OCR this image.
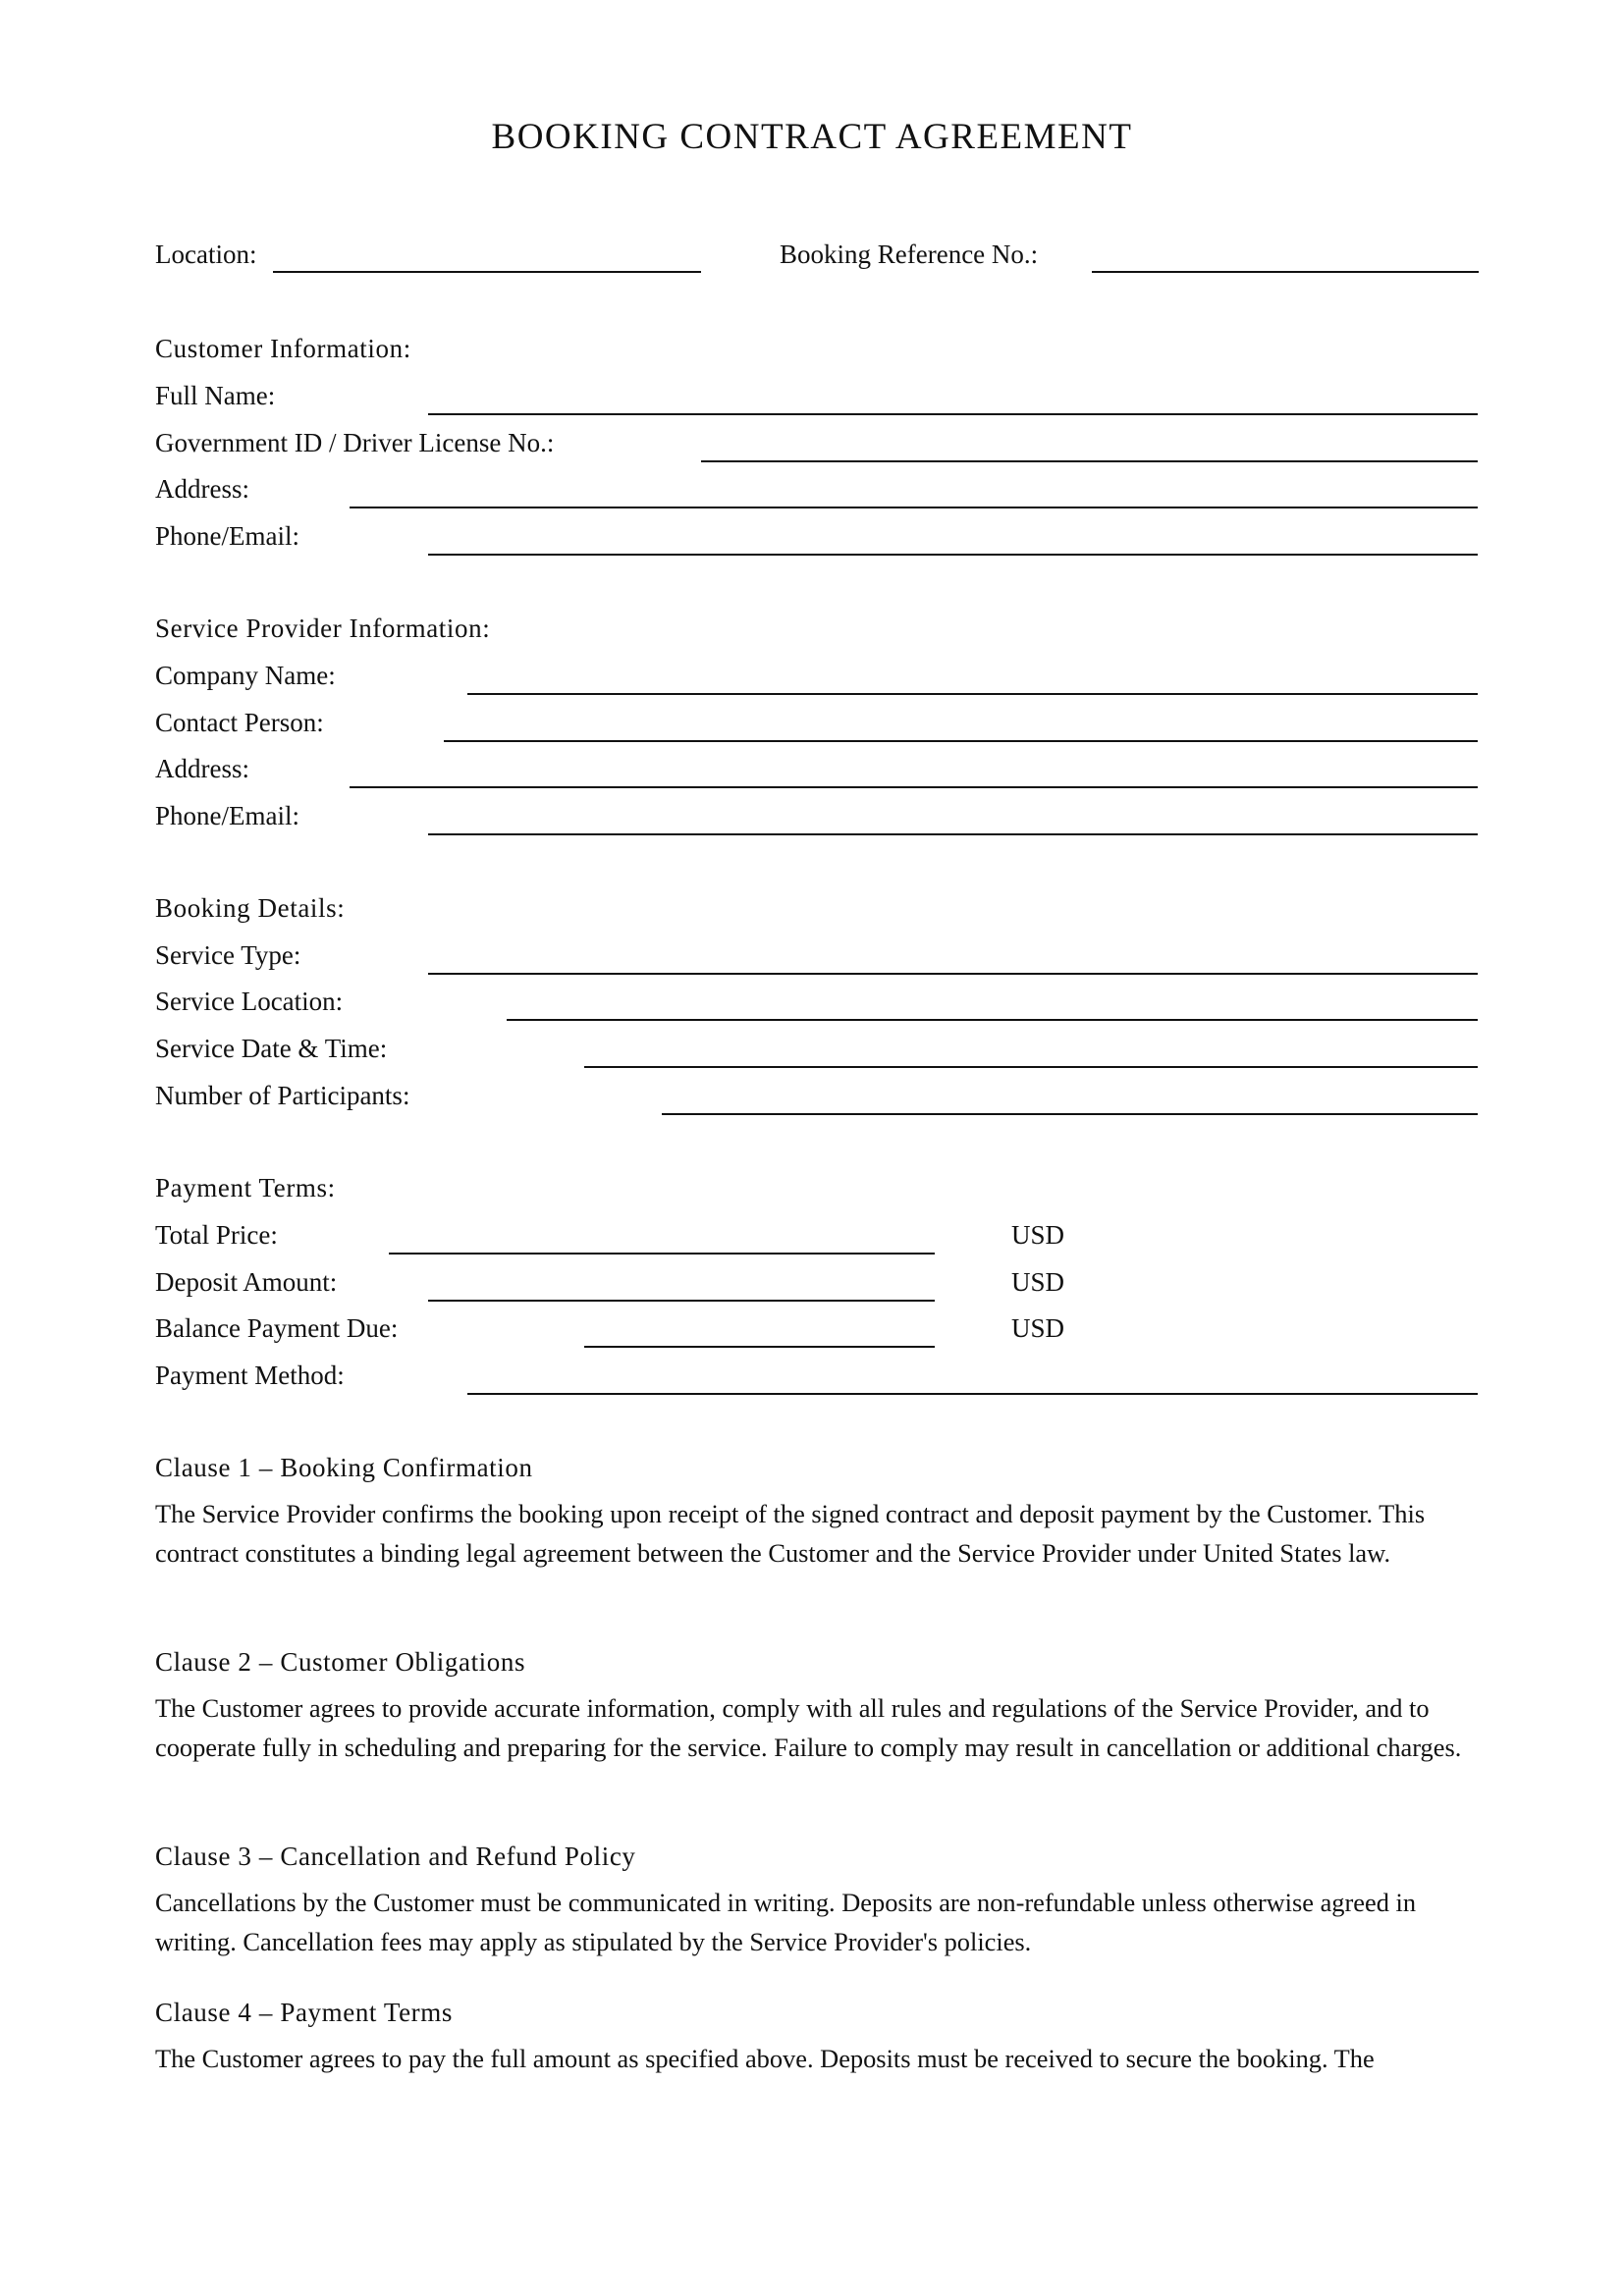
BOOKING CONTRACT AGREEMENT
Location:	Booking Reference No.:
Customer Information:
Full Name:
Government ID / Driver License No.:
Address:
Phone/Email:
Service Provider Information:
Company Name:
Contact Person:
Address:
Phone/Email:
Booking Details:
Service Type:
Service Location:
Service Date & Time:
Number of Participants:
Payment Terms:
Total Price:	USD
Deposit Amount:	USD
Balance Payment Due:	USD
Payment Method:
Clause 1 – Booking Confirmation
The Service Provider confirms the booking upon receipt of the signed contract and deposit payment by the Customer. This contract constitutes a binding legal agreement between the Customer and the Service Provider under United States law.
Clause 2 – Customer Obligations
The Customer agrees to provide accurate information, comply with all rules and regulations of the Service Provider, and to cooperate fully in scheduling and preparing for the service. Failure to comply may result in cancellation or additional charges.
Clause 3 – Cancellation and Refund Policy
Cancellations by the Customer must be communicated in writing. Deposits are non-refundable unless otherwise agreed in writing. Cancellation fees may apply as stipulated by the Service Provider's policies.
Clause 4 – Payment Terms
The Customer agrees to pay the full amount as specified above. Deposits must be received to secure the booking. The
